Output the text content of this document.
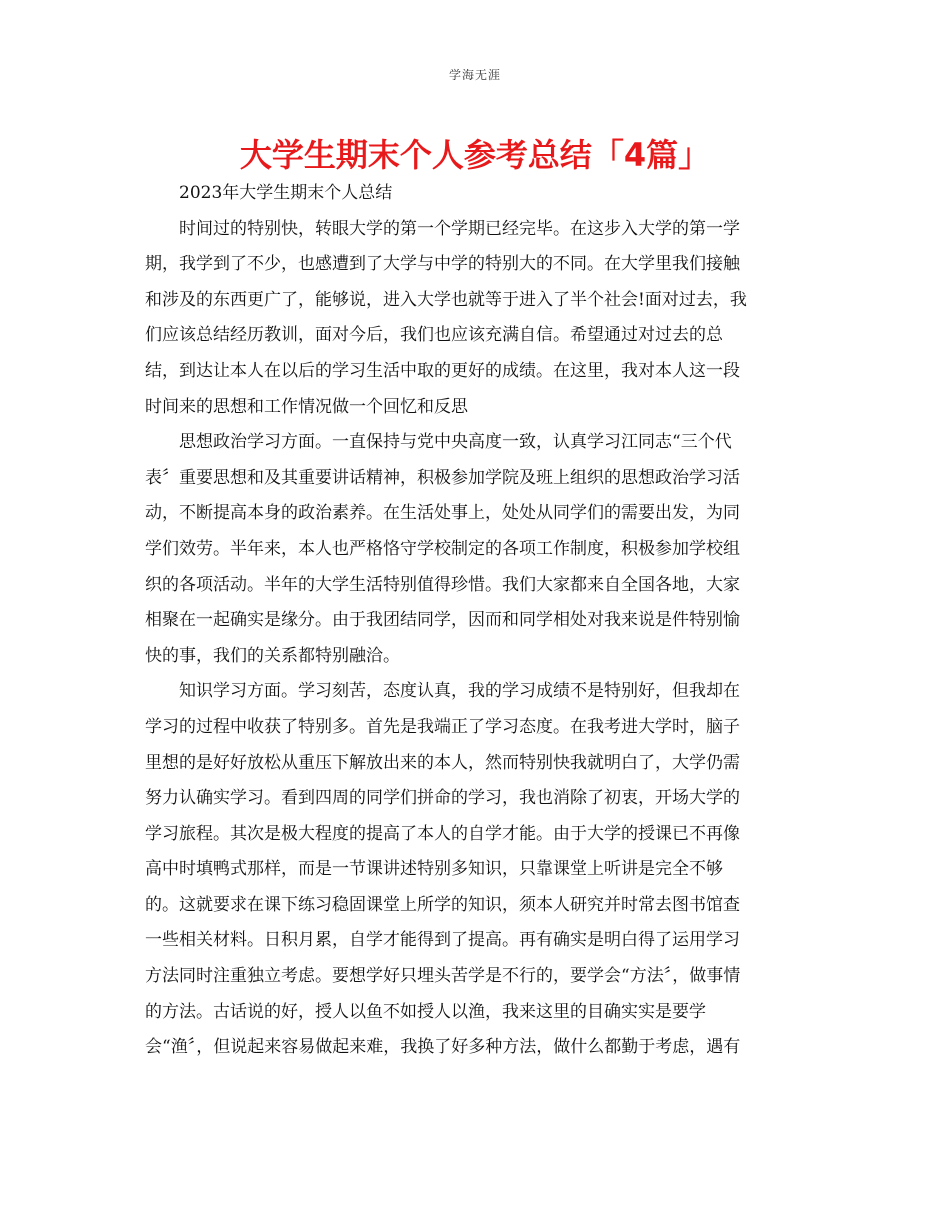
学海无涯
大学生期末个人参考总结「4篇」
2023年大学生期末个人总结
时间过的特别快，转眼大学的第一个学期已经完毕。在这步入大学的第一学
期，我学到了不少，也感遭到了大学与中学的特别大的不同。在大学里我们接触
和涉及的东西更广了，能够说，进入大学也就等于进入了半个社会!面对过去，我
们应该总结经历教训，面对今后，我们也应该充满自信。希望通过对过去的总
结，到达让本人在以后的学习生活中取的更好的成绩。在这里，我对本人这一段
时间来的思想和工作情况做一个回忆和反思
思想政治学习方面。一直保持与党中央高度一致，认真学习江同志“三个代
表〞重要思想和及其重要讲话精神，积极参加学院及班上组织的思想政治学习活
动，不断提高本身的政治素养。在生活处事上，处处从同学们的需要出发，为同
学们效劳。半年来，本人也严格恪守学校制定的各项工作制度，积极参加学校组
织的各项活动。半年的大学生活特别值得珍惜。我们大家都来自全国各地，大家
相聚在一起确实是缘分。由于我团结同学，因而和同学相处对我来说是件特别愉
快的事，我们的关系都特别融洽。
知识学习方面。学习刻苦，态度认真，我的学习成绩不是特别好，但我却在
学习的过程中收获了特别多。首先是我端正了学习态度。在我考进大学时，脑子
里想的是好好放松从重压下解放出来的本人，然而特别快我就明白了，大学仍需
努力认确实学习。看到四周的同学们拼命的学习，我也消除了初衷，开场大学的
学习旅程。其次是极大程度的提高了本人的自学才能。由于大学的授课已不再像
高中时填鸭式那样，而是一节课讲述特别多知识，只靠课堂上听讲是完全不够
的。这就要求在课下练习稳固课堂上所学的知识，须本人研究并时常去图书馆查
一些相关材料。日积月累，自学才能得到了提高。再有确实是明白得了运用学习
方法同时注重独立考虑。要想学好只埋头苦学是不行的，要学会“方法〞，做事情
的方法。古话说的好，授人以鱼不如授人以渔，我来这里的目确实实是要学
会“渔〞，但说起来容易做起来难，我换了好多种方法，做什么都勤于考虑，遇有
